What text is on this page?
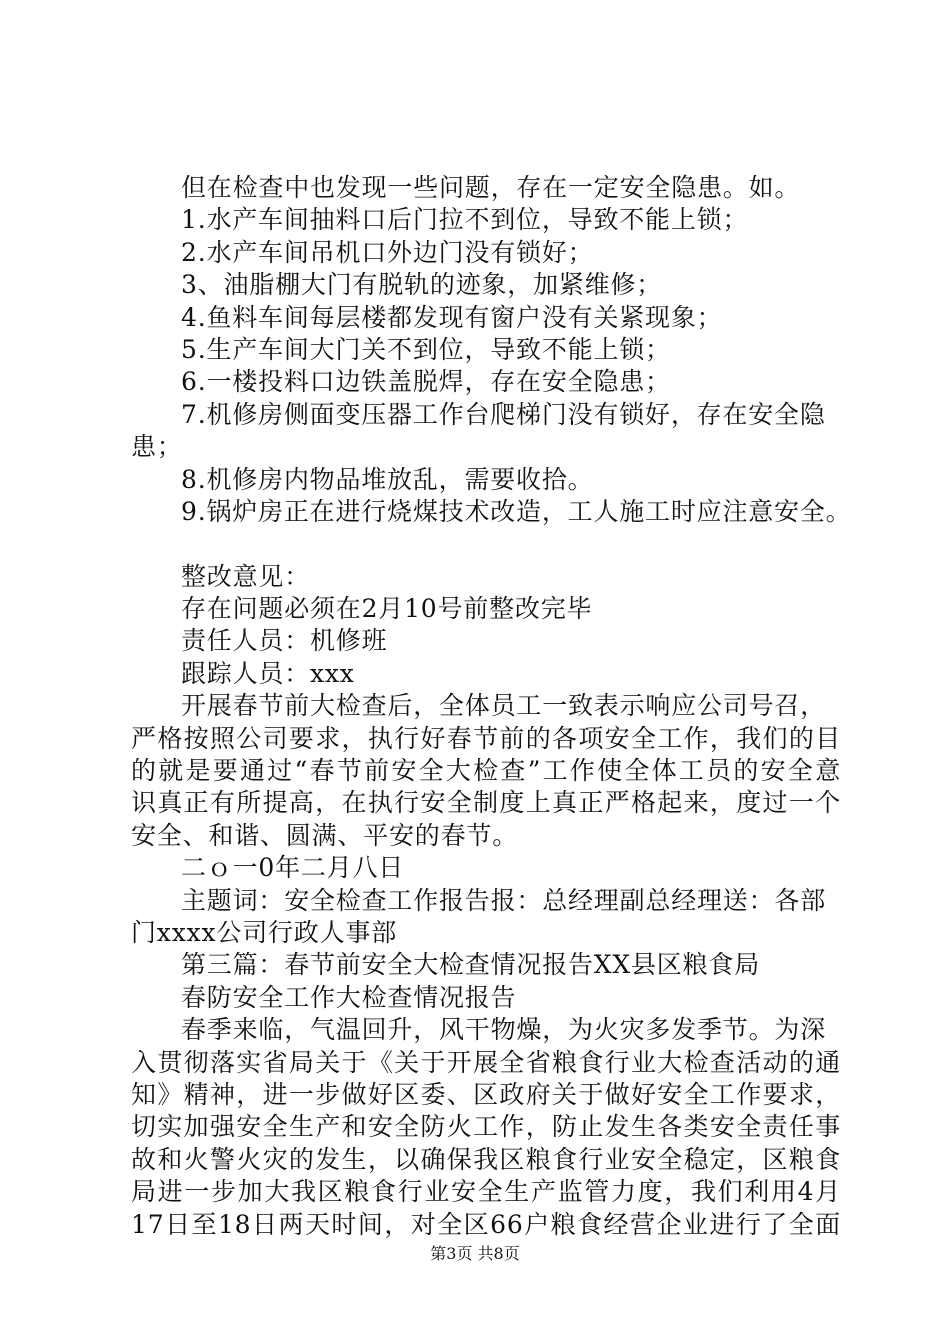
但在检查中也发现一些问题，存在一定安全隐患。如。
1.水产车间抽料口后门拉不到位，导致不能上锁；
2.水产车间吊机口外边门没有锁好；
3、油脂棚大门有脱轨的迹象，加紧维修；
4.鱼料车间每层楼都发现有窗户没有关紧现象；
5.生产车间大门关不到位，导致不能上锁；
6.一楼投料口边铁盖脱焊，存在安全隐患；
7.机修房侧面变压器工作台爬梯门没有锁好，存在安全隐
患；
8.机修房内物品堆放乱，需要收拾。
9.锅炉房正在进行烧煤技术改造，工人施工时应注意安全。
整改意见：
存在问题必须在2月10号前整改完毕
责任人员：机修班
跟踪人员：xxx
开展春节前大检查后，全体员工一致表示响应公司号召，
严格按照公司要求，执行好春节前的各项安全工作，我们的目
的就是要通过“春节前安全大检查”工作使全体工员的安全意
识真正有所提高，在执行安全制度上真正严格起来，度过一个
安全、和谐、圆满、平安的春节。
二ｏ一0年二月八日
主题词：安全检查工作报告报：总经理副总经理送：各部
门xxxx公司行政人事部
第三篇：春节前安全大检查情况报告XX县区粮食局
春防安全工作大检查情况报告
春季来临，气温回升，风干物燥，为火灾多发季节。为深
入贯彻落实省局关于《关于开展全省粮食行业大检查活动的通
知》精神，进一步做好区委、区政府关于做好安全工作要求，
切实加强安全生产和安全防火工作，防止发生各类安全责任事
故和火警火灾的发生，以确保我区粮食行业安全稳定，区粮食
局进一步加大我区粮食行业安全生产监管力度，我们利用4月
17日至18日两天时间，对全区66户粮食经营企业进行了全面
第3页 共8页
